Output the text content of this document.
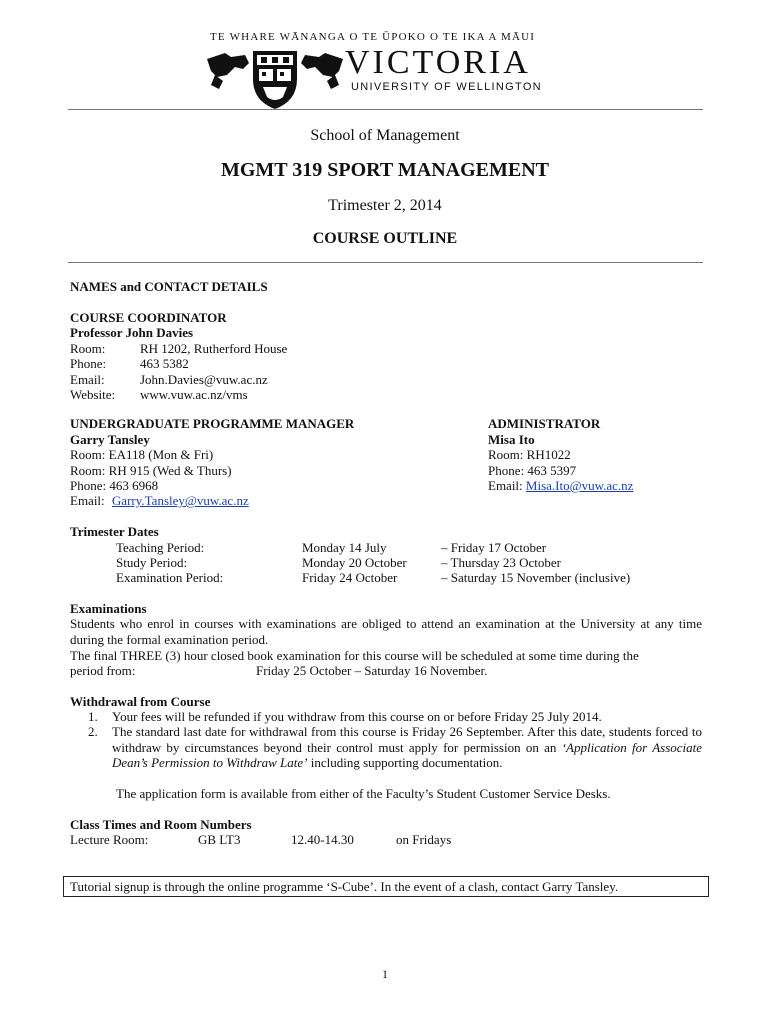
TE WHARE WĀNANGA O TE ŪPOKO O TE IKA A MĀUI
VICTORIA
UNIVERSITY OF WELLINGTON
School of Management
MGMT 319 SPORT MANAGEMENT
Trimester 2, 2014
COURSE OUTLINE
NAMES and CONTACT DETAILS
COURSE COORDINATOR
Professor John Davies
Room:	RH 1202, Rutherford House
Phone:	463 5382
Email:	John.Davies@vuw.ac.nz
Website: www.vuw.ac.nz/vms
UNDERGRADUATE PROGRAMME MANAGER
Garry Tansley
Room: EA118 (Mon & Fri)
Room: RH 915 (Wed & Thurs)
Phone: 463 6968
Email: Garry.Tansley@vuw.ac.nz
ADMINISTRATOR
Misa Ito
Room: RH1022
Phone: 463 5397
Email: Misa.Ito@vuw.ac.nz
Trimester Dates
Teaching Period:	Monday 14 July	– Friday 17 October
Study Period:	Monday 20 October	– Thursday 23 October
Examination Period:	Friday 24 October	– Saturday 15 November (inclusive)
Examinations
Students who enrol in courses with examinations are obliged to attend an examination at the University at any time during the formal examination period.
The final THREE (3) hour closed book examination for this course will be scheduled at some time during the
period from:	Friday 25 October – Saturday 16 November.
Withdrawal from Course
1. Your fees will be refunded if you withdraw from this course on or before Friday 25 July 2014.
2. The standard last date for withdrawal from this course is Friday 26 September. After this date, students forced to withdraw by circumstances beyond their control must apply for permission on an ‘Application for Associate Dean’s Permission to Withdraw Late’ including supporting documentation.
The application form is available from either of the Faculty’s Student Customer Service Desks.
Class Times and Room Numbers
Lecture Room:	GB LT3	12.40-14.30	on Fridays
Tutorial signup is through the online programme ‘S-Cube’. In the event of a clash, contact Garry Tansley.
1
